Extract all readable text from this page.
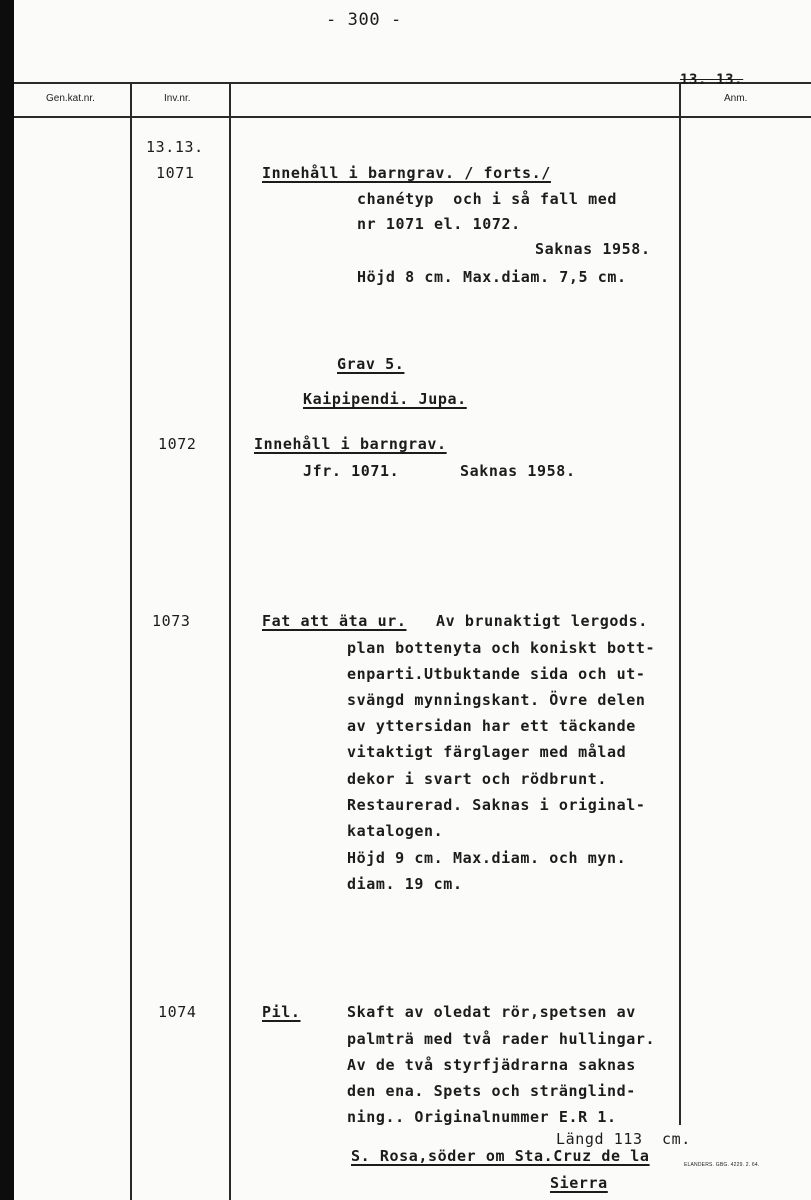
- 300 -
Gen.kat.nr.	Inv.nr.	Anm.
13. 13.
13.13.
1071	Innehåll i barngrav. / forts./
chanétyp  och i så fall med
nr 1071 el. 1072.
Saknas 1958.
Höjd 8 cm. Max.diam. 7,5 cm.
Grav 5.
Kaipipendi. Jupa.
1072	Innehåll i barngrav.
Jfr. 1071.	Saknas 1958.
1073	Fat att äta ur. Av brunaktigt lergods.
plan bottenyta och koniskt bott-
enparti.Utbuktande sida och ut-
svängd mynningskant. Övre delen
av yttersidan har ett täckande
vitaktigt färglager med målad
dekor i svart och rödbrunt.
Restaurerad. Saknas i original-
katalogen.
Höjd 9 cm. Max.diam. och myn.
diam. 19 cm.
1074	Pil.	Skaft av oledat rör,spetsen av
palmträ med två rader hullingar.
Av de två styrfjädrarna saknas
den ena. Spets och stränglind-
ning.. Originalnummer E.R 1.
Längd 113  cm.
S. Rosa,söder om Sta.Cruz de la
Sierra
ELANDERS. GBG. 4229. 2. 64.
